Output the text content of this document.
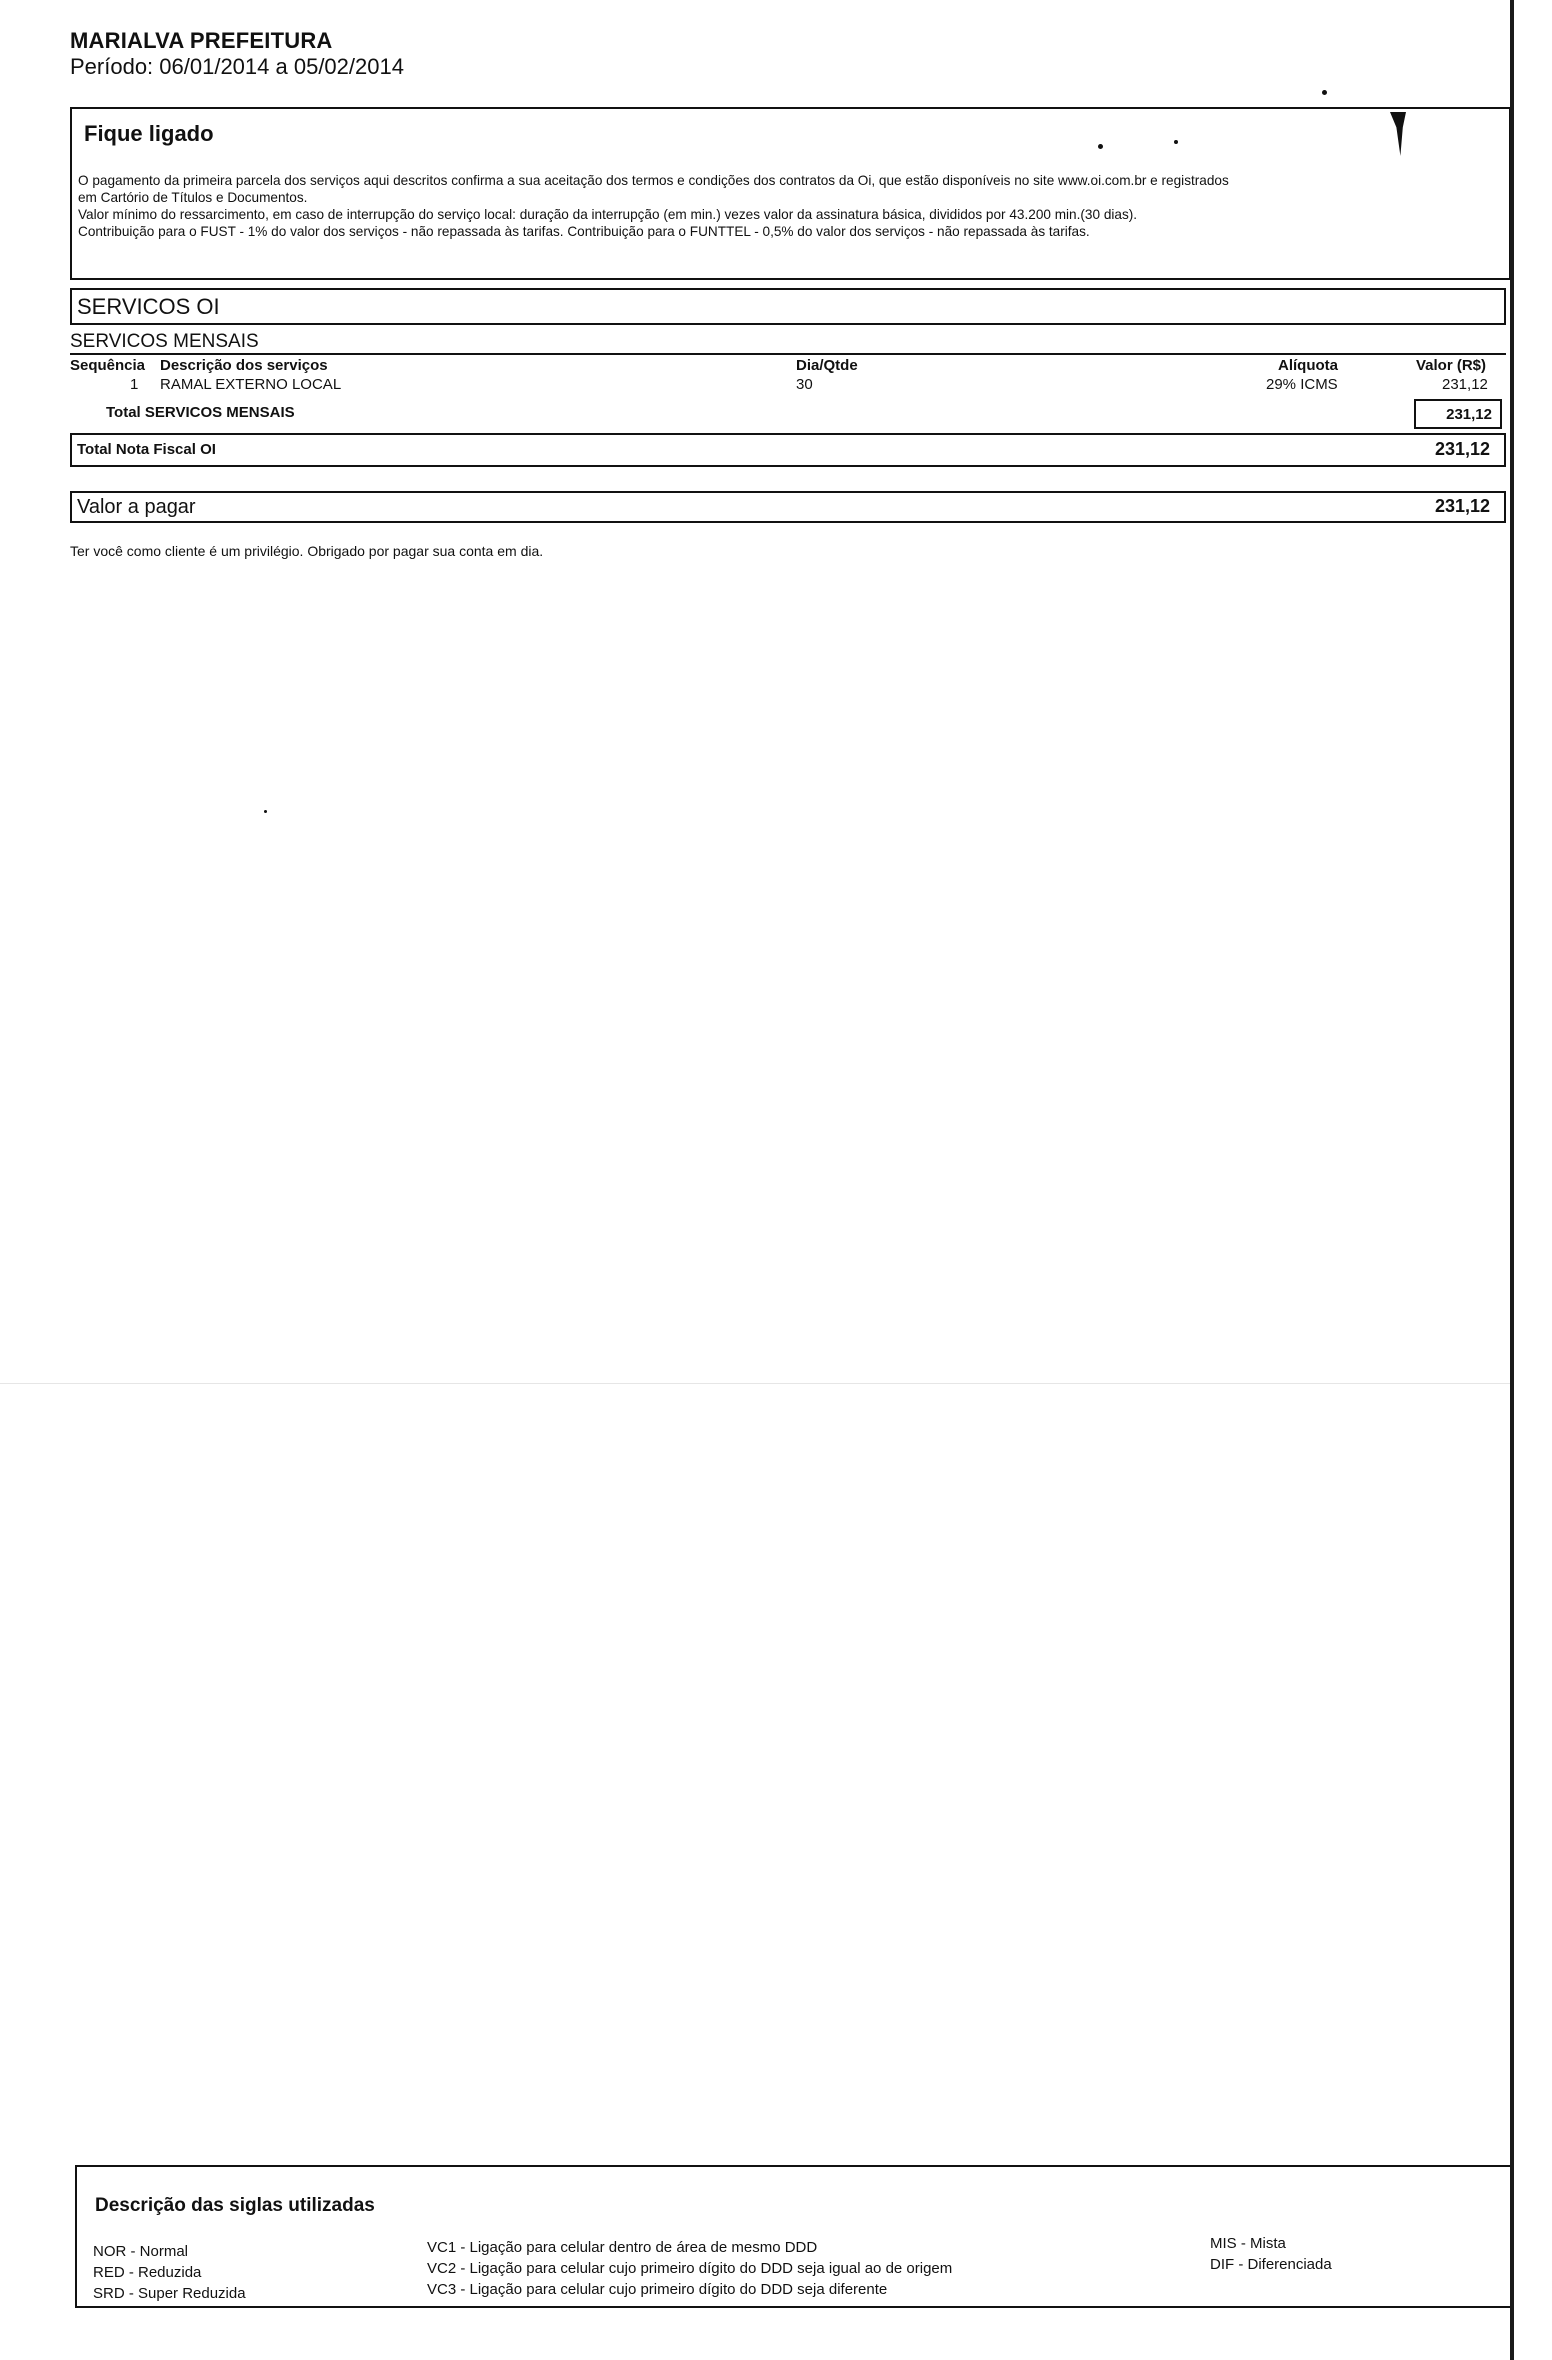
MARIALVA PREFEITURA
Período: 06/01/2014 a 05/02/2014
Fique ligado
O pagamento da primeira parcela dos serviços aqui descritos confirma a sua aceitação dos termos e condições dos contratos da Oi, que estão disponíveis no site www.oi.com.br e registrados
em Cartório de Títulos e Documentos.
Valor mínimo do ressarcimento, em caso de interrupção do serviço local: duração da interrupção (em min.) vezes valor da assinatura básica, divididos por 43.200 min.(30 dias).
Contribuição para o FUST - 1% do valor dos serviços - não repassada às tarifas. Contribuição para o FUNTTEL - 0,5% do valor dos serviços - não repassada às tarifas.
SERVICOS OI
SERVICOS MENSAIS
Sequência Descrição dos serviços	Dia/Qtde	Alíquota	Valor (R$)
1 RAMAL EXTERNO LOCAL	30	29% ICMS	231,12
Total SERVICOS MENSAIS	231,12
Total Nota Fiscal OI	231,12
Valor a pagar	231,12
Ter você como cliente é um privilégio. Obrigado por pagar sua conta em dia.
Descrição das siglas utilizadas
NOR - Normal
RED - Reduzida
SRD - Super Reduzida
VC1 - Ligação para celular dentro de área de mesmo DDD
VC2 - Ligação para celular cujo primeiro dígito do DDD seja igual ao de origem
VC3 - Ligação para celular cujo primeiro dígito do DDD seja diferente
MIS - Mista
DIF - Diferenciada
